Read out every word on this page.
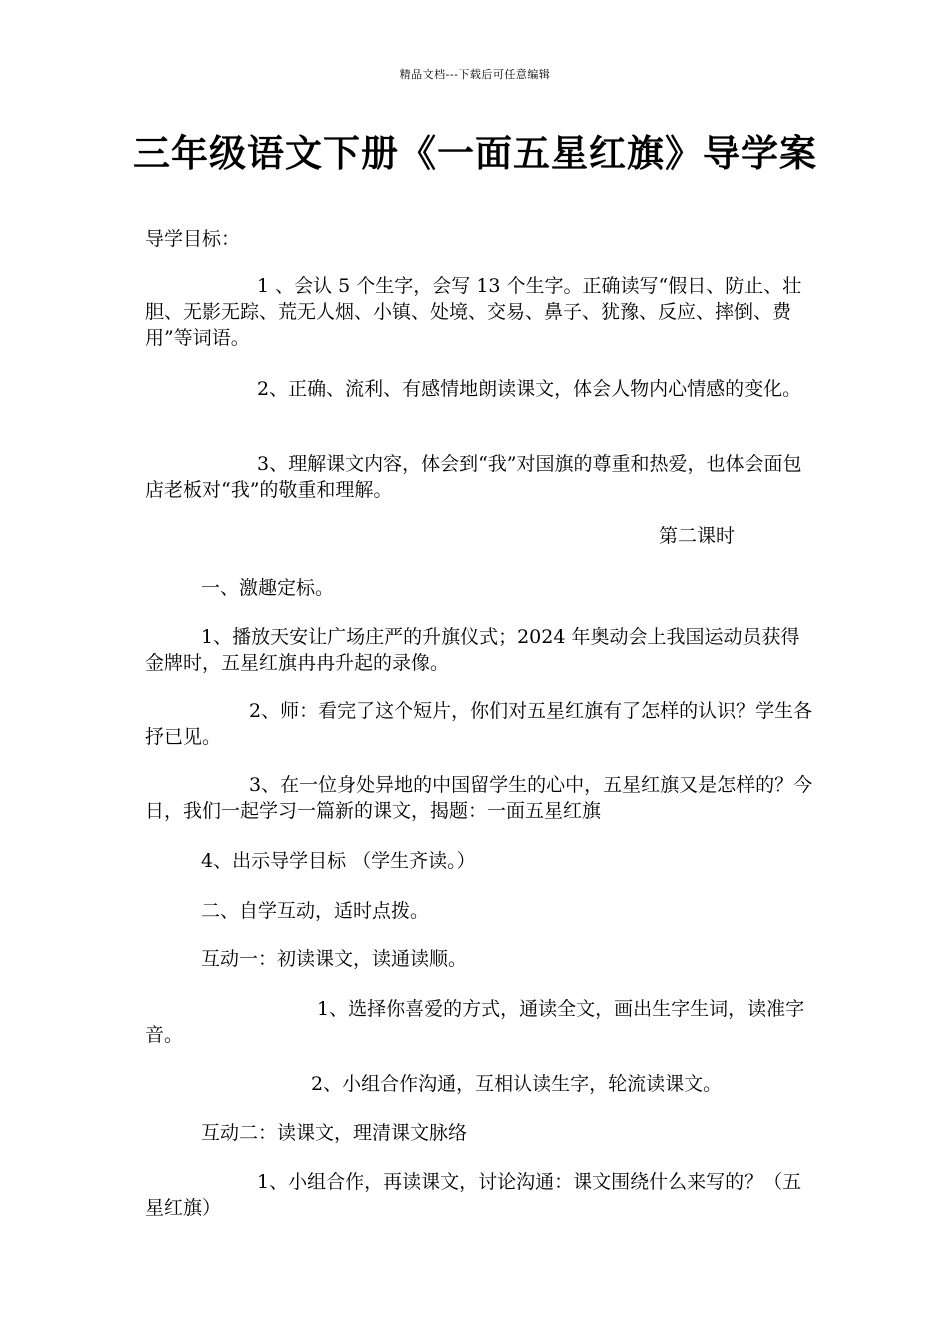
精品文档---下载后可任意编辑
三年级语文下册《一面五星红旗》导学案

导学目标：

1 、会认 5 个生字，会写 13 个生字。正确读写“假日、防止、壮胆、无影无踪、荒无人烟、小镇、处境、交易、鼻子、犹豫、反应、摔倒、费用”等词语。

2、正确、流利、有感情地朗读课文，体会人物内心情感的变化。

3、理解课文内容，体会到“我”对国旗的尊重和热爱，也体会面包店老板对“我”的敬重和理解。

第二课时

一、激趣定标。

1、播放天安让广场庄严的升旗仪式；2024 年奥动会上我国运动员获得金牌时，五星红旗冉冉升起的录像。

2、师：看完了这个短片，你们对五星红旗有了怎样的认识？学生各抒已见。

3、在一位身处异地的中国留学生的心中，五星红旗又是怎样的？今日，我们一起学习一篇新的课文，揭题：一面五星红旗

4、出示导学目标 （学生齐读。）

二、自学互动，适时点拨。

互动一：初读课文，读通读顺。

1、选择你喜爱的方式，通读全文，画出生字生词，读准字音。

2、小组合作沟通，互相认读生字，轮流读课文。

互动二：读课文，理清课文脉络

1、小组合作，再读课文，讨论沟通：课文围绕什么来写的？（五星红旗）
